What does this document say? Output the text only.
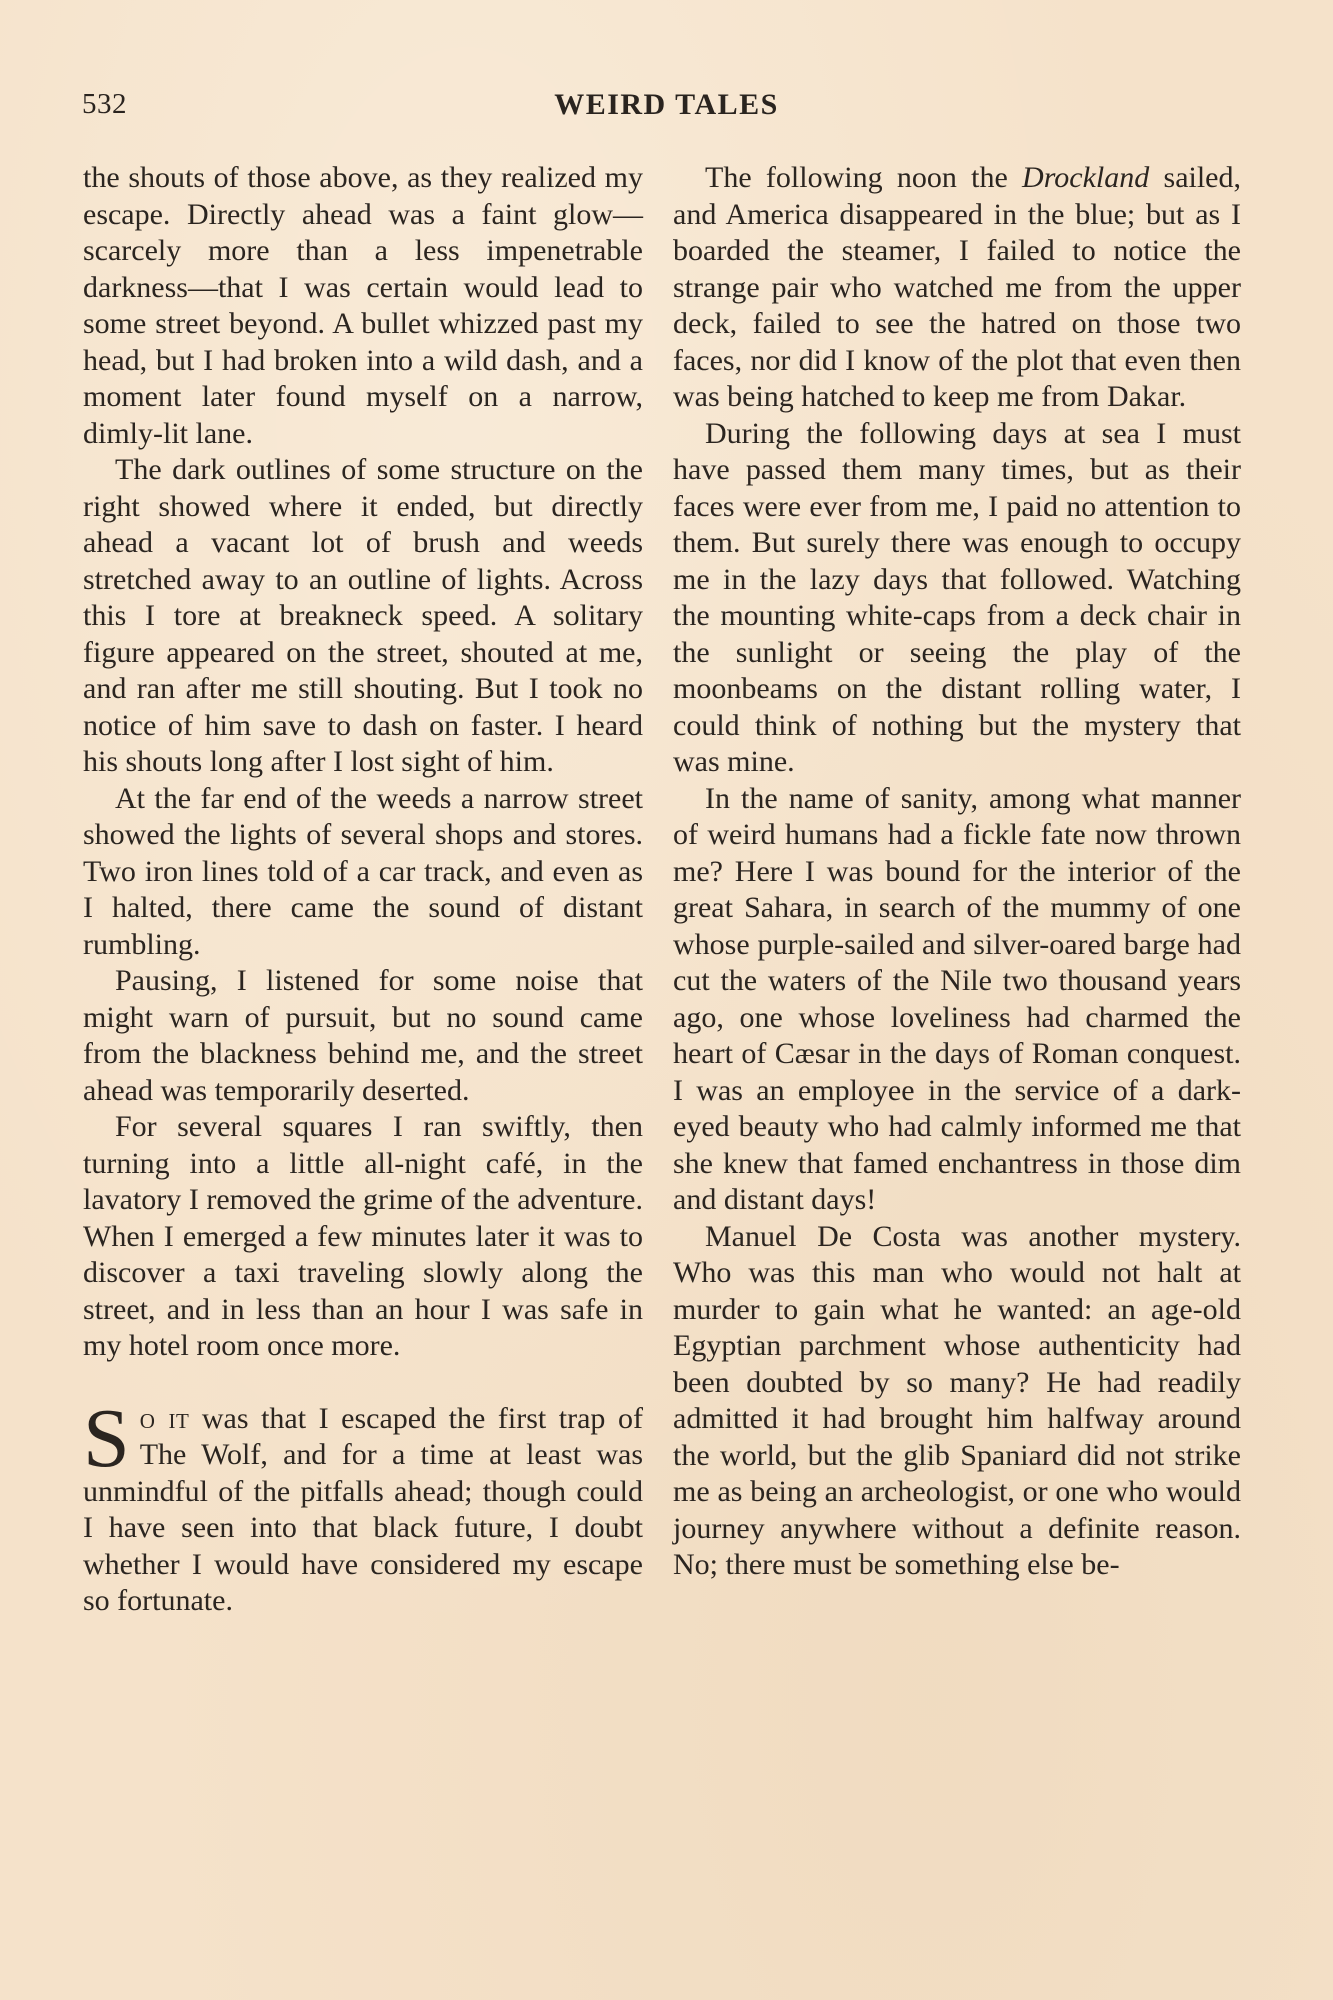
532	WEIRD TALES

the shouts of those above, as they realized my escape. Directly ahead was a faint glow—scarcely more than a less impenetrable darkness—that I was certain would lead to some street beyond. A bullet whizzed past my head, but I had broken into a wild dash, and a moment later found myself on a narrow, dimly-lit lane.

The dark outlines of some structure on the right showed where it ended, but directly ahead a vacant lot of brush and weeds stretched away to an outline of lights. Across this I tore at breakneck speed. A solitary figure appeared on the street, shouted at me, and ran after me still shouting. But I took no notice of him save to dash on faster. I heard his shouts long after I lost sight of him.

At the far end of the weeds a narrow street showed the lights of several shops and stores. Two iron lines told of a car track, and even as I halted, there came the sound of distant rumbling.

Pausing, I listened for some noise that might warn of pursuit, but no sound came from the blackness behind me, and the street ahead was temporarily deserted.

For several squares I ran swiftly, then turning into a little all-night café, in the lavatory I removed the grime of the adventure. When I emerged a few minutes later it was to discover a taxi traveling slowly along the street, and in less than an hour I was safe in my hotel room once more.

So it was that I escaped the first trap of The Wolf, and for a time at least was unmindful of the pitfalls ahead; though could I have seen into that black future, I doubt whether I would have considered my escape so fortunate.

The following noon the Drockland sailed, and America disappeared in the blue; but as I boarded the steamer, I failed to notice the strange pair who watched me from the upper deck, failed to see the hatred on those two faces, nor did I know of the plot that even then was being hatched to keep me from Dakar.

During the following days at sea I must have passed them many times, but as their faces were ever from me, I paid no attention to them. But surely there was enough to occupy me in the lazy days that followed. Watching the mounting white-caps from a deck chair in the sunlight or seeing the play of the moonbeams on the distant rolling water, I could think of nothing but the mystery that was mine.

In the name of sanity, among what manner of weird humans had a fickle fate now thrown me? Here I was bound for the interior of the great Sahara, in search of the mummy of one whose purple-sailed and silver-oared barge had cut the waters of the Nile two thousand years ago, one whose loveliness had charmed the heart of Cæsar in the days of Roman conquest. I was an employee in the service of a dark-eyed beauty who had calmly informed me that she knew that famed enchantress in those dim and distant days!

Manuel De Costa was another mystery. Who was this man who would not halt at murder to gain what he wanted: an age-old Egyptian parchment whose authenticity had been doubted by so many? He had readily admitted it had brought him halfway around the world, but the glib Spaniard did not strike me as being an archeologist, or one who would journey anywhere without a definite reason. No; there must be something else be-
